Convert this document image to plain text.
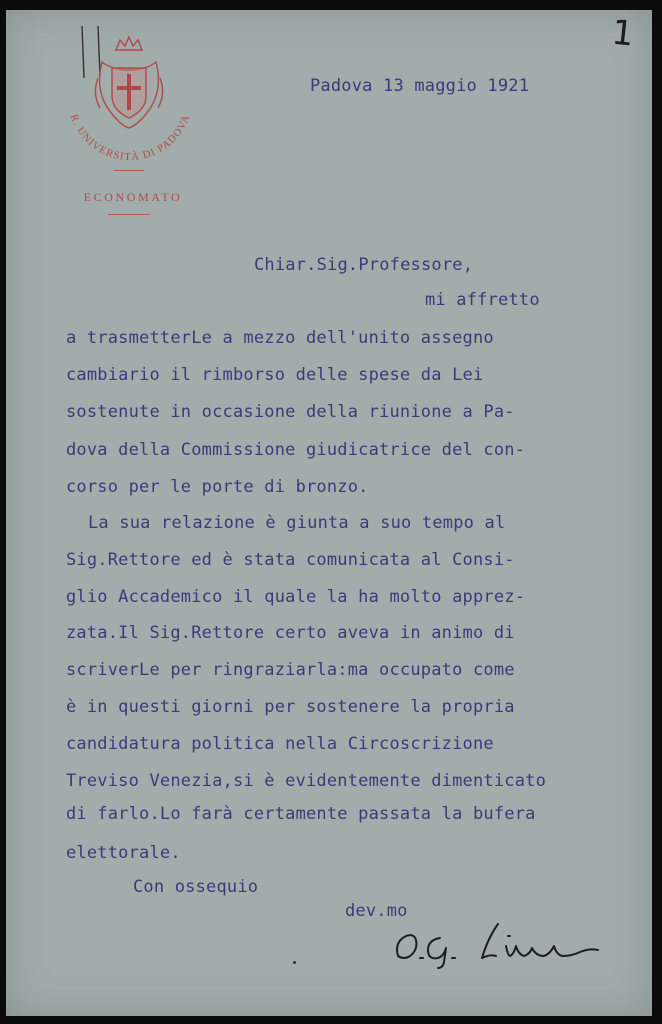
1
R. UNIVERSITÀ DI PADOVA
ECONOMATO
Padova 13 maggio 1921
Chiar.Sig.Professore,
mi affretto
a trasmetterLe a mezzo dell'unito assegno
cambiario il rimborso delle spese da Lei
sostenute in occasione della riunione a Pa-
dova della Commissione giudicatrice del con-
corso per le porte di bronzo.
La sua relazione è giunta a suo tempo al
Sig.Rettore ed è stata comunicata al Consi-
glio Accademico il quale la ha molto apprez-
zata.Il Sig.Rettore certo aveva in animo di
scriverLe per ringraziarla:ma occupato come
è in questi giorni per sostenere la propria
candidatura politica nella Circoscrizione
Treviso Venezia,si è evidentemente dimenticato
di farlo.Lo farà certamente passata la bufera
elettorale.
Con ossequio
dev.mo
